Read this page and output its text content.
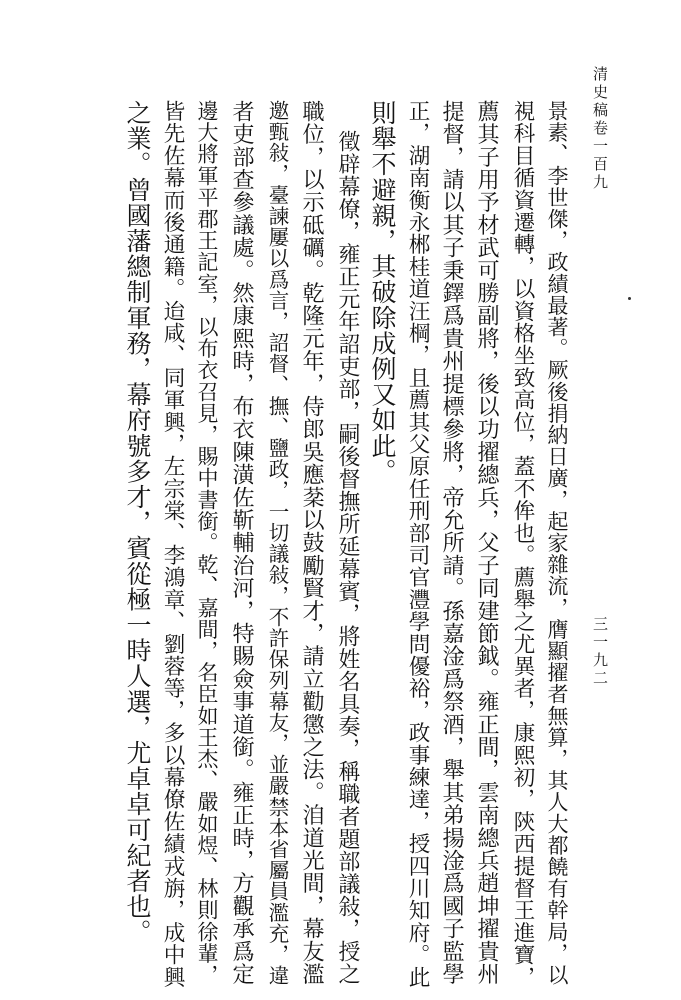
清史稿卷一百九
三一九二
景素、李世傑，政績最著。厥後捐納日廣，起家雜流，膺顯擢者無算，其人大都饒有幹局，以
視科目循資遷轉，以資格坐致高位，蓋不侔也。薦舉之尤異者，康熙初，陝西提督王進寶，
薦其子用予材武可勝副將，後以功擢總兵，父子同建節鉞。雍正間，雲南總兵趙坤擢貴州
提督，請以其子秉鐸爲貴州提標參將，帝允所請。孫嘉淦爲祭酒，舉其弟揚淦爲國子監學
正，湖南衡永郴桂道汪棡，且薦其父原任刑部司官灃學問優裕，政事練達，授四川知府。此
則舉不避親，其破除成例又如此。
徵辟幕僚，雍正元年詔吏部，嗣後督撫所延幕賓，將姓名具奏，稱職者題部議敍，授之
職位，以示砥礪。乾隆元年，侍郎吳應棻以鼓勵賢才，請立勸懲之法。洎道光間，幕友濫
邀甄敍，臺諫屢以爲言，詔督、撫、鹽政，一切議敍，不許保列幕友，並嚴禁本省屬員濫充，違
者吏部查參議處。然康熙時，布衣陳潢佐靳輔治河，特賜僉事道銜。雍正時，方觀承爲定
邊大將軍平郡王記室，以布衣召見，賜中書銜。乾、嘉間，名臣如王杰、嚴如煜、林則徐輩，
皆先佐幕而後通籍。迨咸、同軍興，左宗棠、李鴻章、劉蓉等，多以幕僚佐績戎旃，成中興
之業。曾國藩總制軍務，幕府號多才，賓從極一時人選，尤卓卓可紀者也。
